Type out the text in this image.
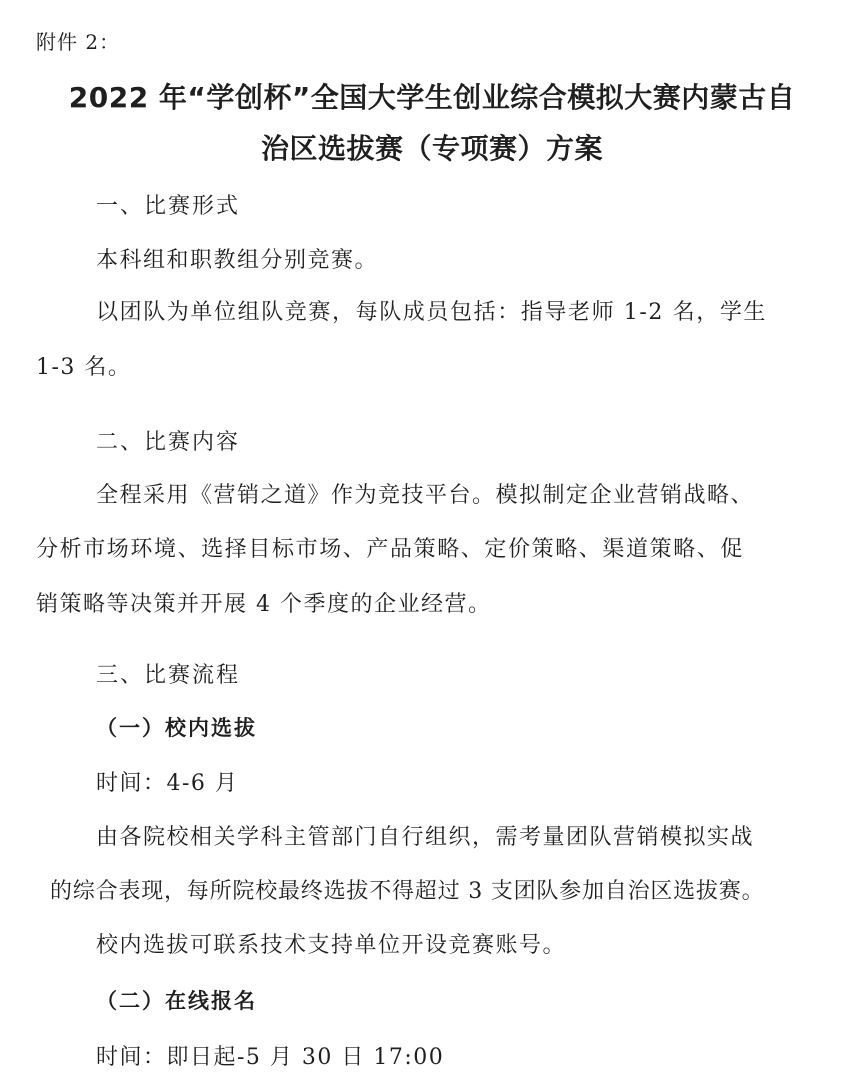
附件 2：
2022 年“学创杯”全国大学生创业综合模拟大赛内蒙古自
治区选拔赛（专项赛）方案
一、比赛形式
本科组和职教组分别竞赛。
以团队为单位组队竞赛，每队成员包括：指导老师 1-2 名，学生
1-3 名。
二、比赛内容
全程采用《营销之道》作为竞技平台。模拟制定企业营销战略、
分析市场环境、选择目标市场、产品策略、定价策略、渠道策略、促
销策略等决策并开展 4 个季度的企业经营。
三、比赛流程
（一）校内选拔
时间：4-6 月
由各院校相关学科主管部门自行组织，需考量团队营销模拟实战
的综合表现，每所院校最终选拔不得超过 3 支团队参加自治区选拔赛。
校内选拔可联系技术支持单位开设竞赛账号。
（二）在线报名
时间：即日起-5 月 30 日 17:00
